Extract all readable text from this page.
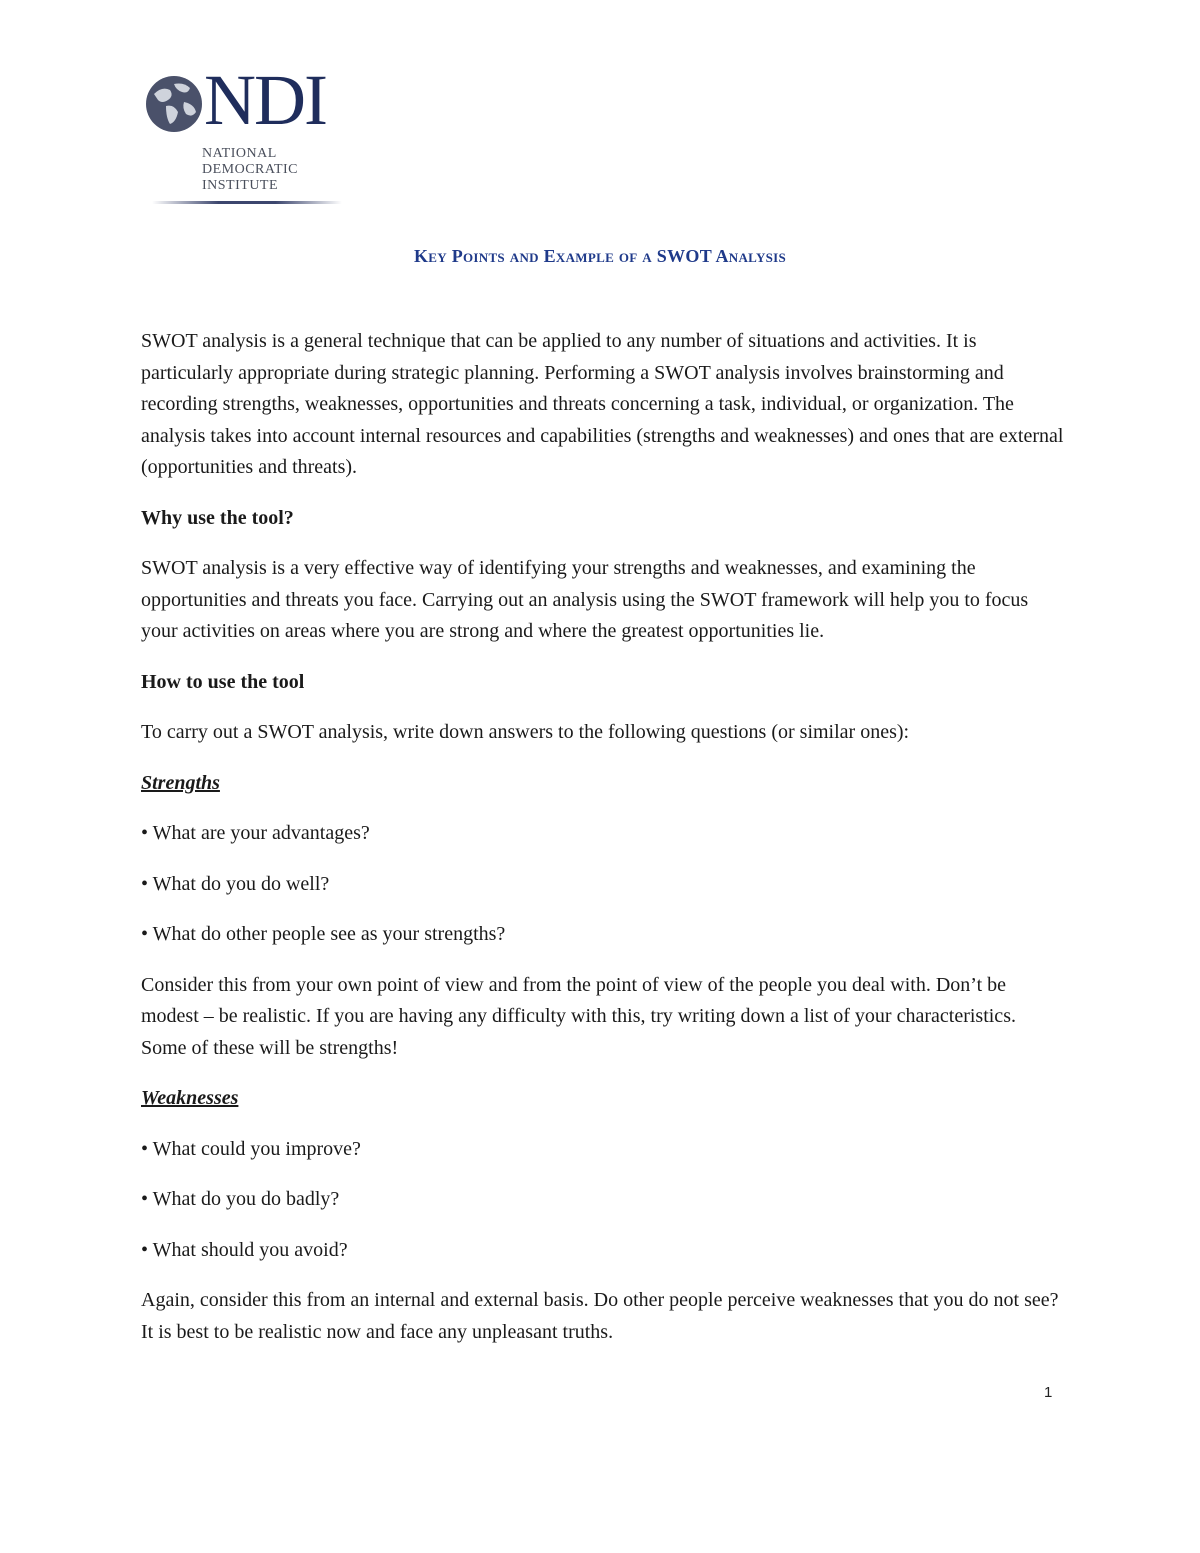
NDI
NATIONAL
DEMOCRATIC
INSTITUTE
Key Points and Example of a SWOT Analysis

SWOT analysis is a general technique that can be applied to any number of situations and activities. It is particularly appropriate during strategic planning. Performing a SWOT analysis involves brainstorming and recording strengths, weaknesses, opportunities and threats concerning a task, individual, or organization. The analysis takes into account internal resources and capabilities (strengths and weaknesses) and ones that are external (opportunities and threats).

Why use the tool?

SWOT analysis is a very effective way of identifying your strengths and weaknesses, and examining the opportunities and threats you face. Carrying out an analysis using the SWOT framework will help you to focus your activities on areas where you are strong and where the greatest opportunities lie.

How to use the tool

To carry out a SWOT analysis, write down answers to the following questions (or similar ones):

Strengths

• What are your advantages?

• What do you do well?

• What do other people see as your strengths?

Consider this from your own point of view and from the point of view of the people you deal with. Don’t be modest – be realistic. If you are having any difficulty with this, try writing down a list of your characteristics. Some of these will be strengths!

Weaknesses

• What could you improve?

• What do you do badly?

• What should you avoid?

Again, consider this from an internal and external basis. Do other people perceive weaknesses that you do not see? It is best to be realistic now and face any unpleasant truths.

1
